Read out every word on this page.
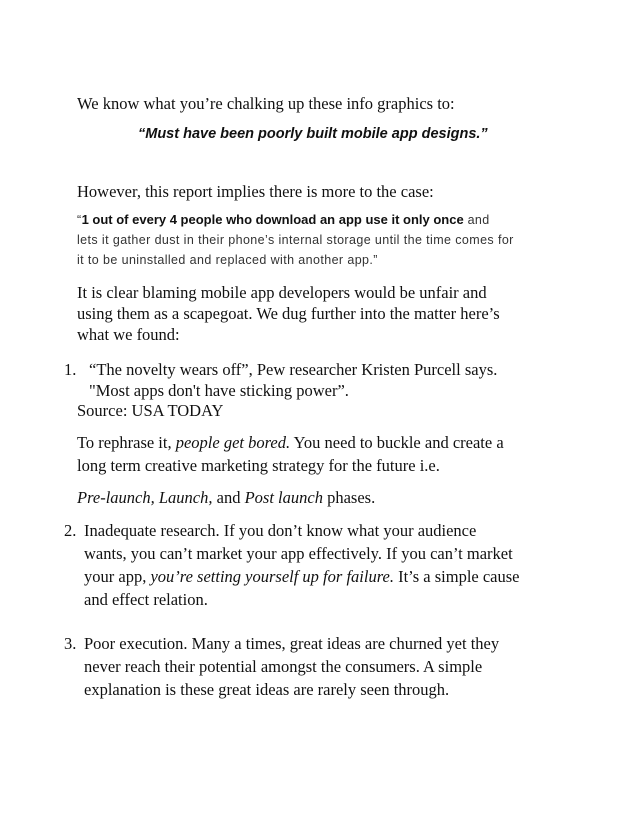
We know what you’re chalking up these info graphics to:
“Must have been poorly built mobile app designs.”
However, this report implies there is more to the case:
“1 out of every 4 people who download an app use it only once and
lets it gather dust in their phone’s internal storage until the time comes for
it to be uninstalled and replaced with another app.”
It is clear blaming mobile app developers would be unfair and
using them as a scapegoat. We dug further into the matter here’s
what we found:
1. “The novelty wears off”, Pew researcher Kristen Purcell says.
"Most apps don't have sticking power”.
Source: USA TODAY
To rephrase it, people get bored. You need to buckle and create a
long term creative marketing strategy for the future i.e.
Pre-launch, Launch, and Post launch phases.
2. Inadequate research. If you don’t know what your audience
wants, you can’t market your app effectively. If you can’t market
your app, you’re setting yourself up for failure. It’s a simple cause
and effect relation.
3. Poor execution. Many a times, great ideas are churned yet they
never reach their potential amongst the consumers. A simple
explanation is these great ideas are rarely seen through.
